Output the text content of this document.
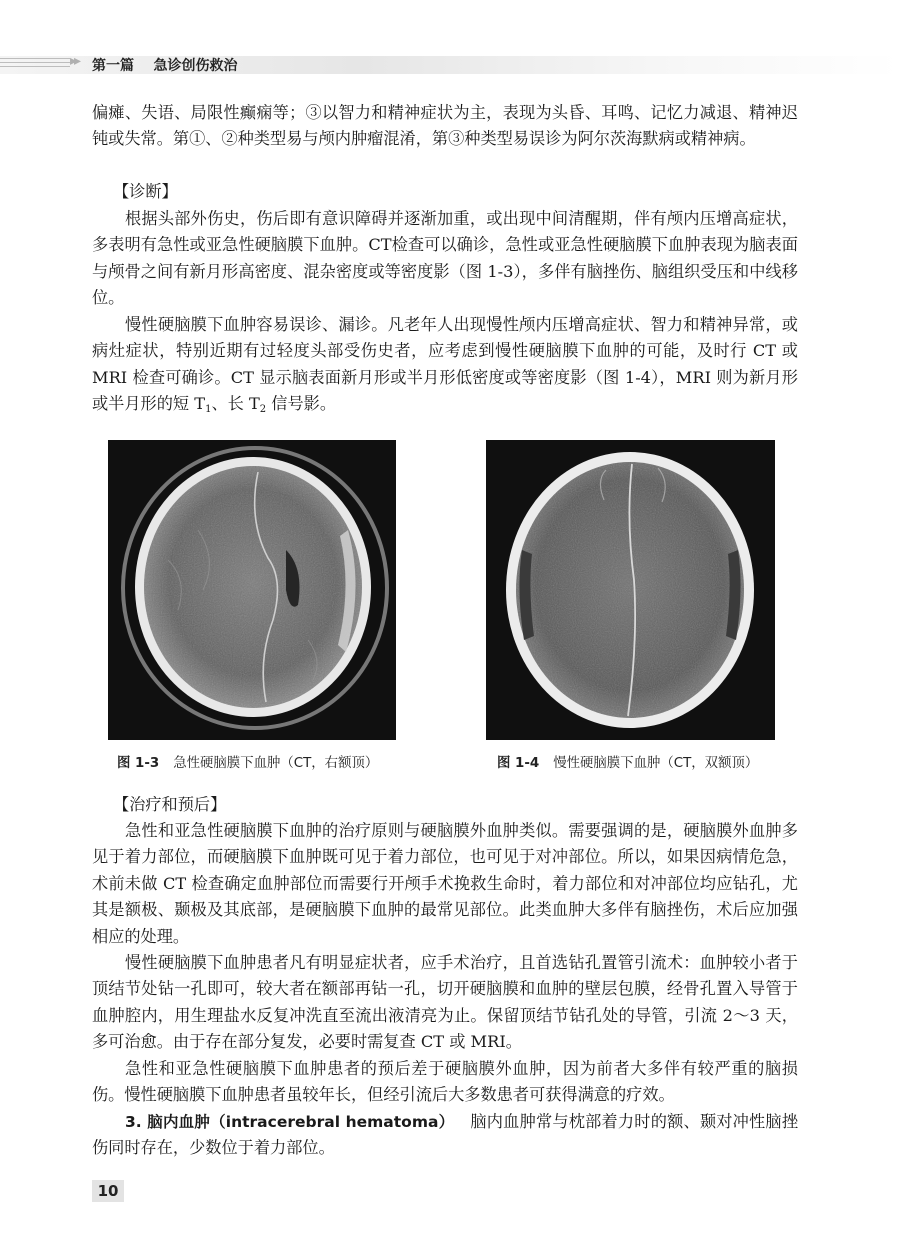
▸▸ 第一篇 急诊创伤救治

偏瘫、失语、局限性癫痫等；③以智力和精神症状为主，表现为头昏、耳鸣、记忆力减退、精神迟钝或失常。第①、②种类型易与颅内肿瘤混淆，第③种类型易误诊为阿尔茨海默病或精神病。

【诊断】

根据头部外伤史，伤后即有意识障碍并逐渐加重，或出现中间清醒期，伴有颅内压增高症状，多表明有急性或亚急性硬脑膜下血肿。CT检查可以确诊，急性或亚急性硬脑膜下血肿表现为脑表面与颅骨之间有新月形高密度、混杂密度或等密度影（图 1-3），多伴有脑挫伤、脑组织受压和中线移位。

慢性硬脑膜下血肿容易误诊、漏诊。凡老年人出现慢性颅内压增高症状、智力和精神异常，或病灶症状，特别近期有过轻度头部受伤史者，应考虑到慢性硬脑膜下血肿的可能，及时行 CT 或 MRI 检查可确诊。CT 显示脑表面新月形或半月形低密度或等密度影（图 1-4），MRI 则为新月形或半月形的短 $T_1$、长 $T_2$ 信号影。

图 1-3 急性硬脑膜下血肿（CT，右额顶）	图 1-4 慢性硬脑膜下血肿（CT，双额顶）

【治疗和预后】

急性和亚急性硬脑膜下血肿的治疗原则与硬脑膜外血肿类似。需要强调的是，硬脑膜外血肿多见于着力部位，而硬脑膜下血肿既可见于着力部位，也可见于对冲部位。所以，如果因病情危急，术前未做 CT 检查确定血肿部位而需要行开颅手术挽救生命时，着力部位和对冲部位均应钻孔，尤其是额极、颞极及其底部，是硬脑膜下血肿的最常见部位。此类血肿大多伴有脑挫伤，术后应加强相应的处理。

慢性硬脑膜下血肿患者凡有明显症状者，应手术治疗，且首选钻孔置管引流术：血肿较小者于顶结节处钻一孔即可，较大者在额部再钻一孔，切开硬脑膜和血肿的壁层包膜，经骨孔置入导管于血肿腔内，用生理盐水反复冲洗直至流出液清亮为止。保留顶结节钻孔处的导管，引流 2～3 天，多可治愈。由于存在部分复发，必要时需复查 CT 或 MRI。

急性和亚急性硬脑膜下血肿患者的预后差于硬脑膜外血肿，因为前者大多伴有较严重的脑损伤。慢性硬脑膜下血肿患者虽较年长，但经引流后大多数患者可获得满意的疗效。

3. 脑内血肿（intracerebral hematoma） 脑内血肿常与枕部着力时的额、颞对冲性脑挫伤同时存在，少数位于着力部位。

10
